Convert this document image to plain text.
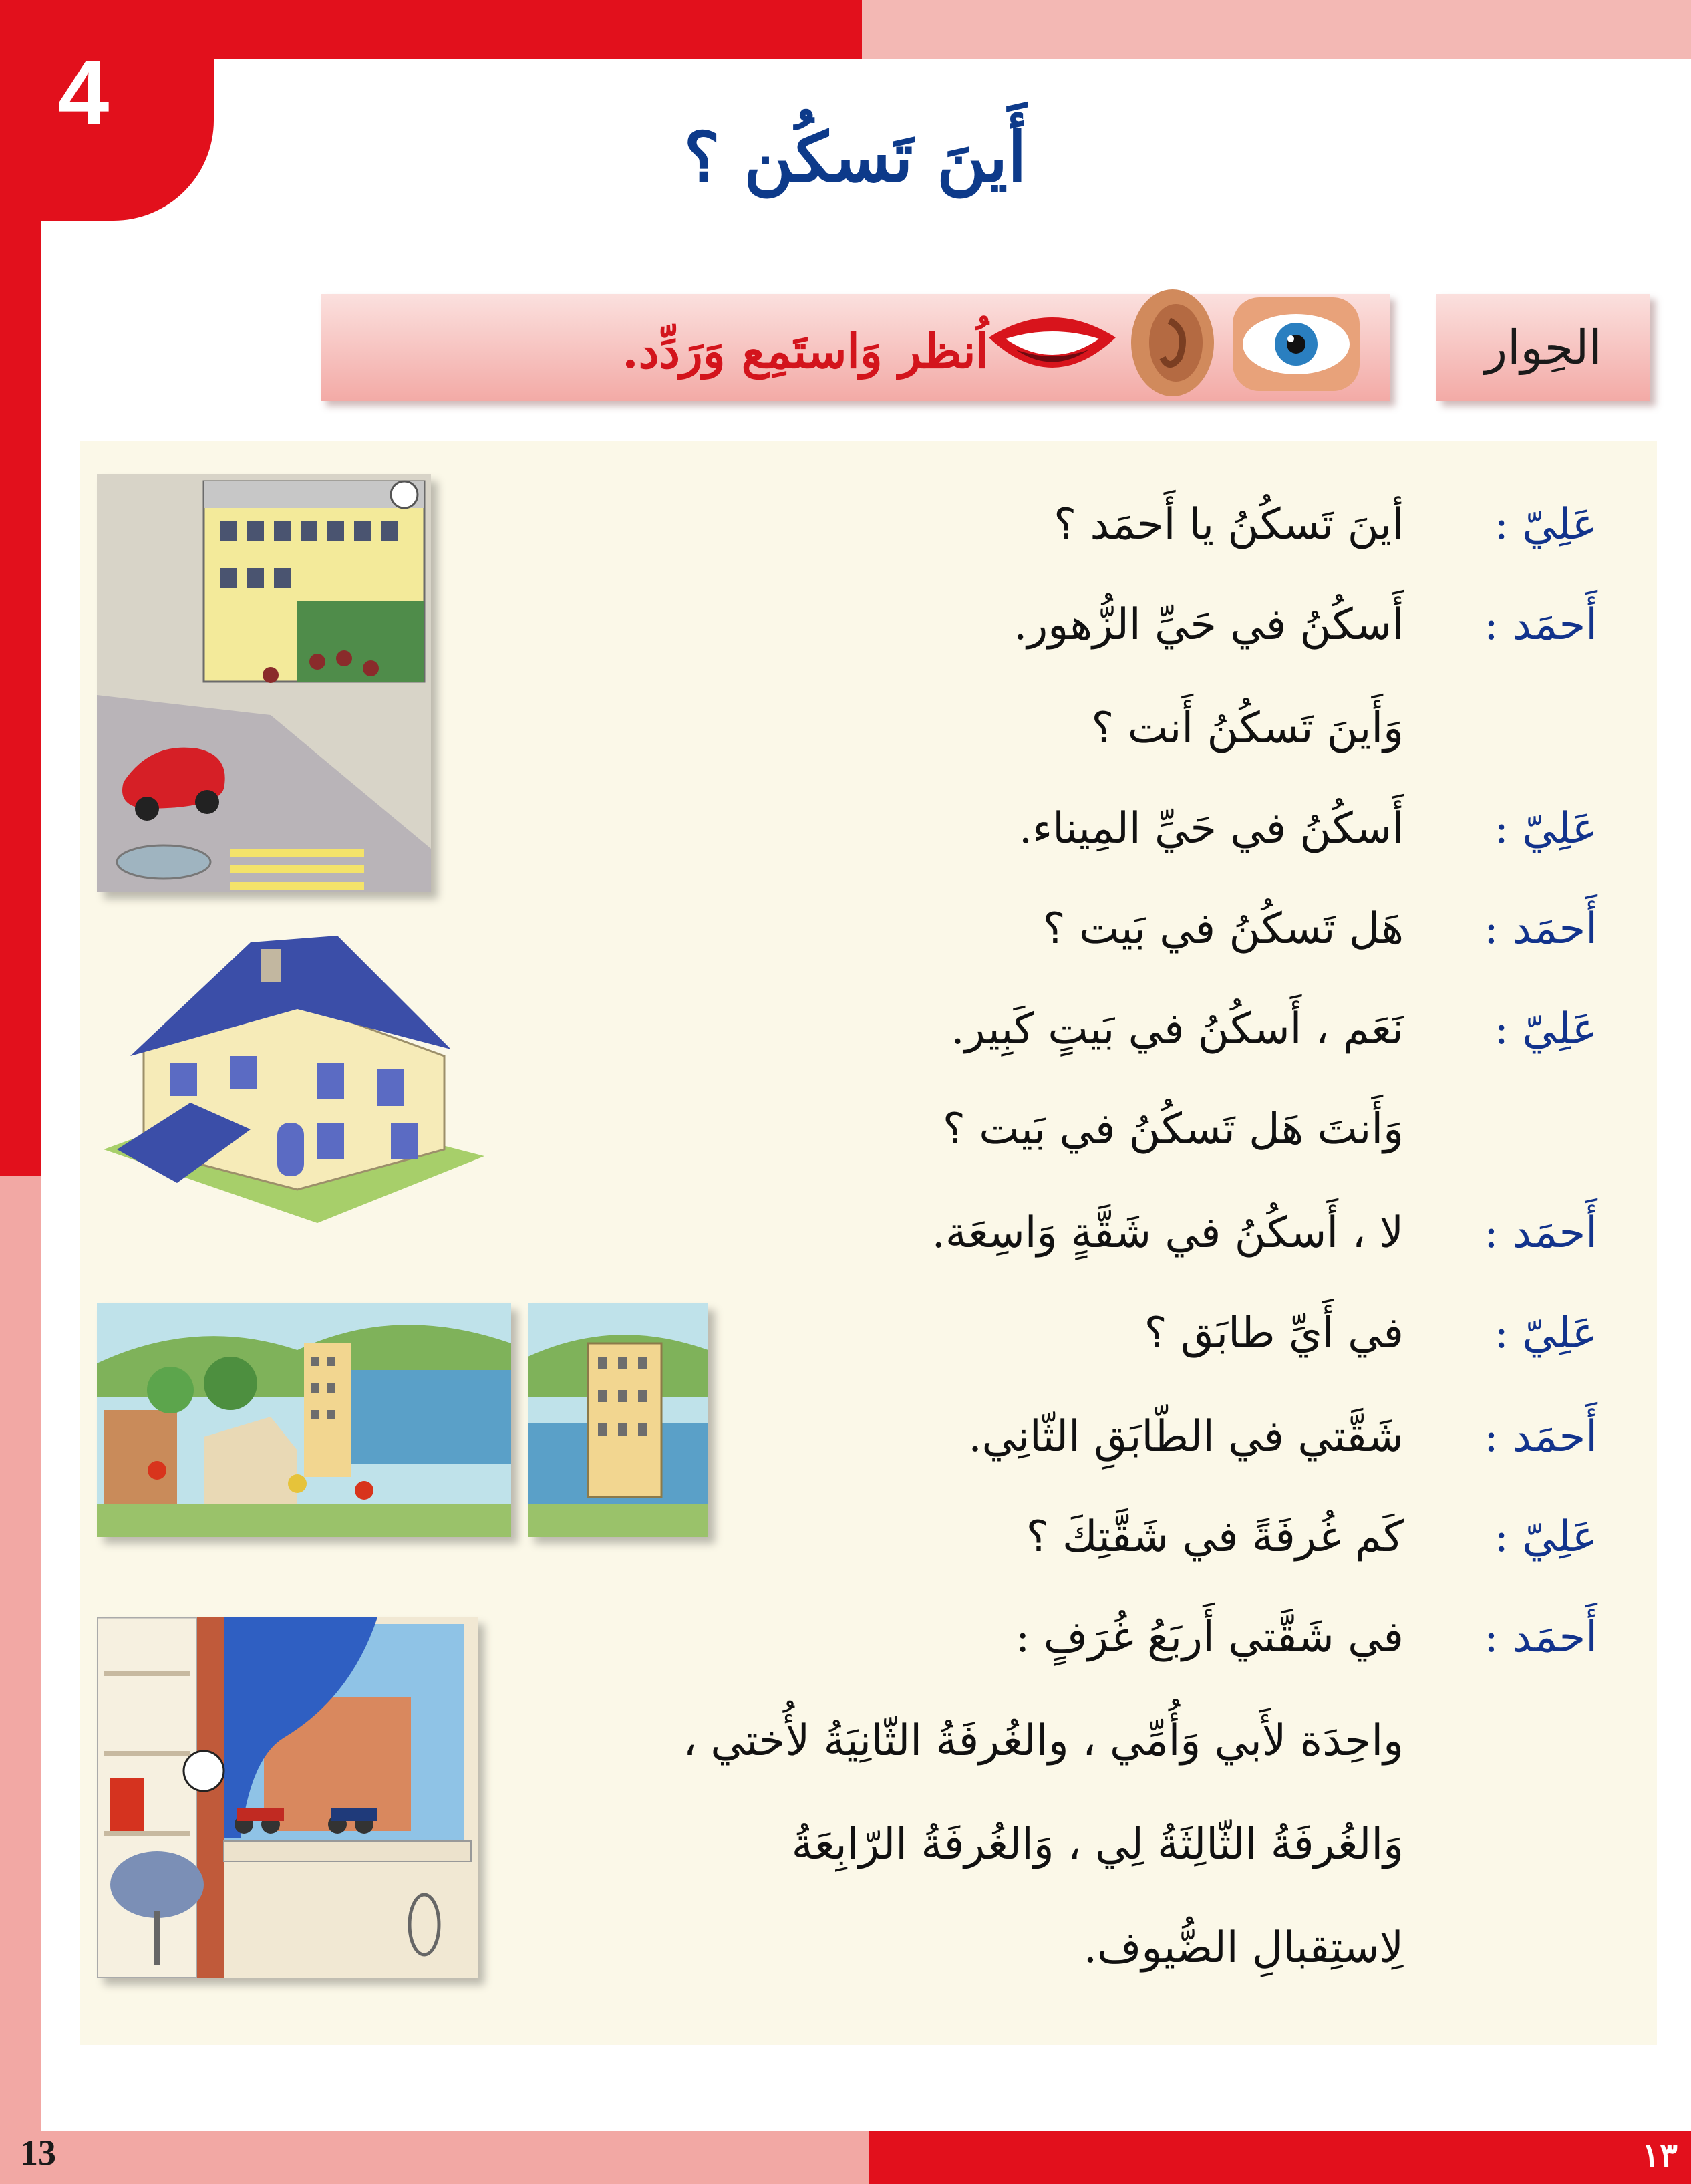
4
أَينَ تَسكُن ؟
اُنظر وَاستَمِع وَرَدِّد.	الحِوار
عَلِيّ :
أينَ تَسكُنُ يا أَحمَد ؟
أَحمَد :
أَسكُنُ في حَيِّ الزُّهور.
وَأَينَ تَسكُنُ أَنت ؟
عَلِيّ :
أَسكُنُ في حَيِّ المِيناء.
أَحمَد :
هَل تَسكُنُ في بَيت ؟
عَلِيّ :
نَعَم ، أَسكُنُ في بَيتٍ كَبِير.
وَأَنتَ هَل تَسكُنُ في بَيت ؟
أَحمَد :
لا ، أَسكُنُ في شَقَّةٍ وَاسِعَة.
عَلِيّ :
في أَيِّ طابَق ؟
أَحمَد :
شَقَّتي في الطّابَقِ الثّانِي.
عَلِيّ :
كَم غُرفَةً في شَقَّتِكَ ؟
أَحمَد :
في شَقَّتي أَربَعُ غُرَفٍ :
واحِدَة لأَبي وَأُمِّي ، والغُرفَةُ الثّانِيَةُ لأُختي ،
وَالغُرفَةُ الثّالِثَةُ لِي ، وَالغُرفَةُ الرّابِعَةُ
لِاستِقبالِ الضُّيوف.
13	١٣
